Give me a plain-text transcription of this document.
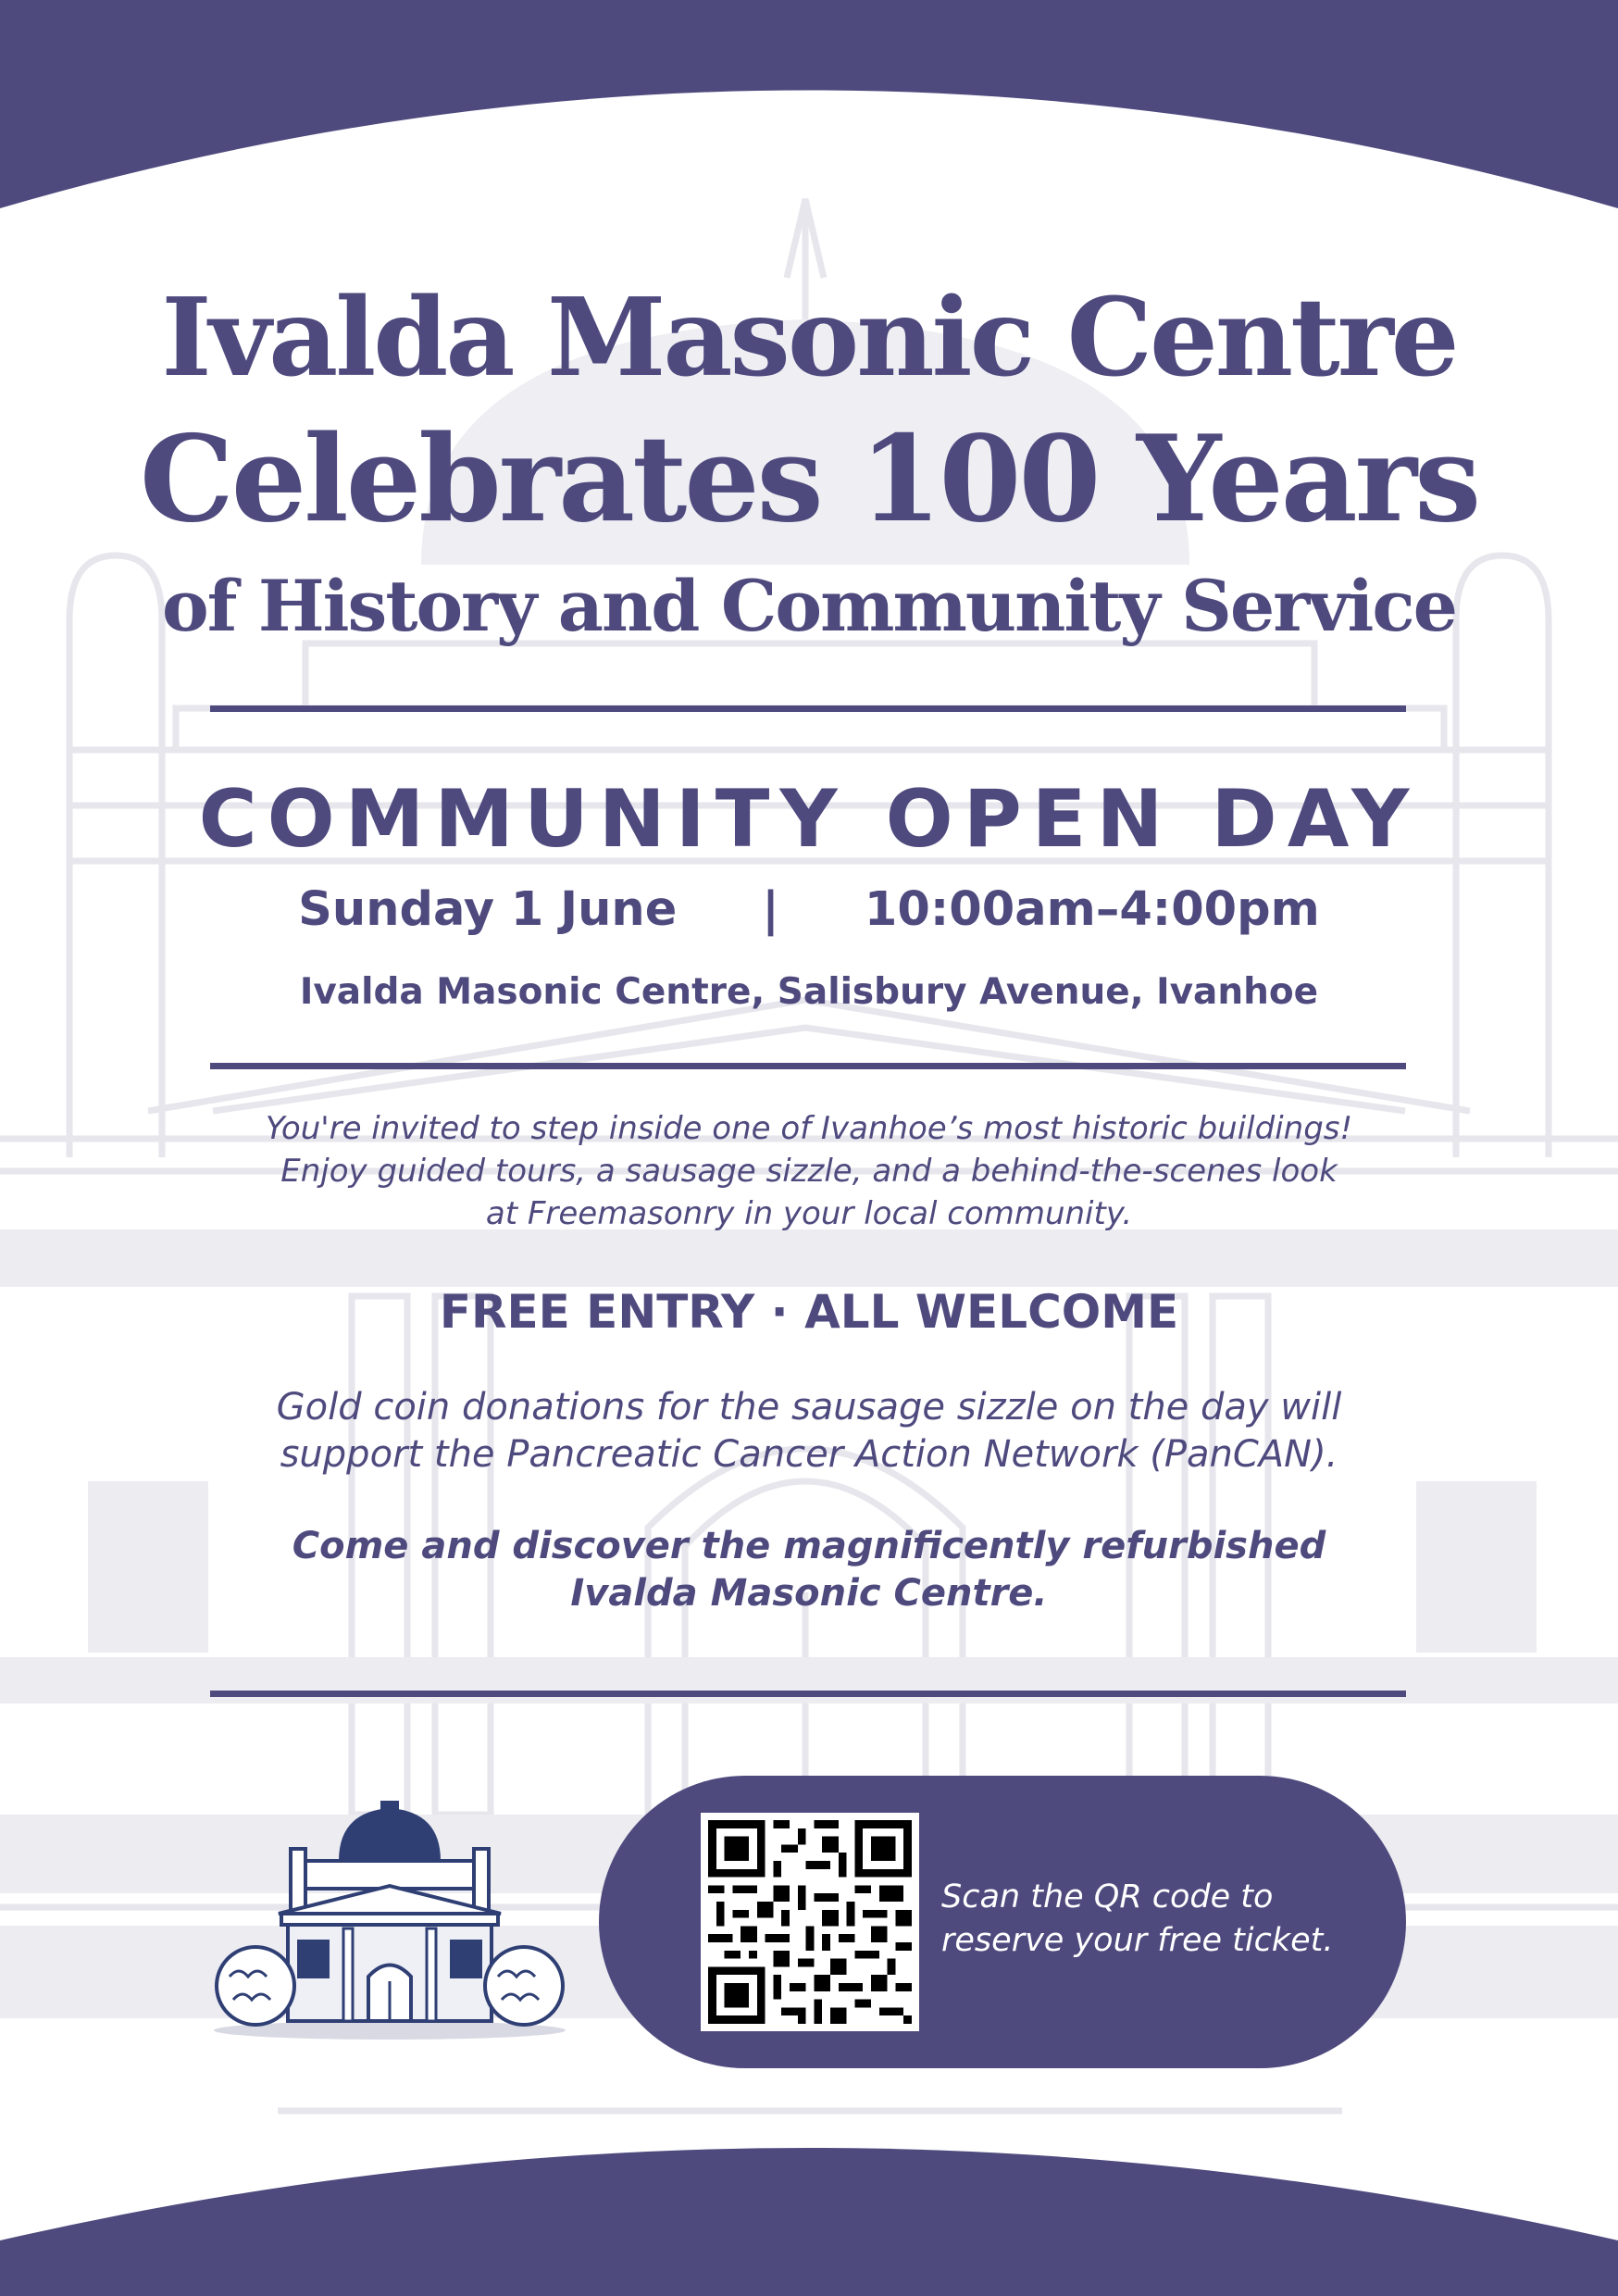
Ivalda Masonic Centre
Celebrates 100 Years
of History and Community Service
COMMUNITY OPEN DAY
Sunday 1 June | 10:00am–4:00pm
Ivalda Masonic Centre, Salisbury Avenue, Ivanhoe
You're invited to step inside one of Ivanhoe’s most historic buildings!
Enjoy guided tours, a sausage sizzle, and a behind-the-scenes look
at Freemasonry in your local community.
FREE ENTRY · ALL WELCOME
Gold coin donations for the sausage sizzle on the day will
support the Pancreatic Cancer Action Network (PanCAN).
Come and discover the magnificently refurbished
Ivalda Masonic Centre.
Scan the QR code to
reserve your free ticket.
